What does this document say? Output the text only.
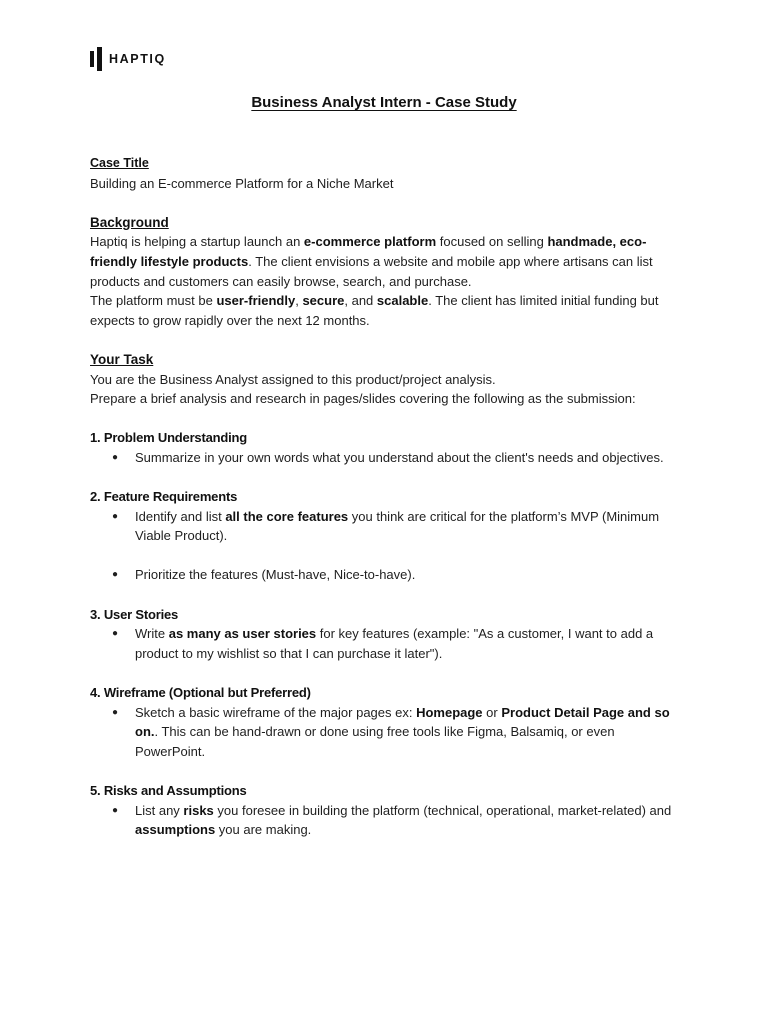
HAPTIQ
Business Analyst Intern - Case Study
Case Title

Building an E-commerce Platform for a Niche Market

Background

Haptiq is helping a startup launch an e-commerce platform focused on selling handmade, eco-friendly lifestyle products. The client envisions a website and mobile app where artisans can list products and customers can easily browse, search, and purchase.

The platform must be user-friendly, secure, and scalable. The client has limited initial funding but expects to grow rapidly over the next 12 months.

Your Task

You are the Business Analyst assigned to this product/project analysis.

Prepare a brief analysis and research in pages/slides covering the following as the submission:

1. Problem Understanding
● Summarize in your own words what you understand about the client's needs and objectives.
2. Feature Requirements
● Identify and list all the core features you think are critical for the platform’s MVP (Minimum Viable Product).
● Prioritize the features (Must-have, Nice-to-have).
3. User Stories
● Write as many as user stories for key features (example: "As a customer, I want to add a product to my wishlist so that I can purchase it later").
4. Wireframe (Optional but Preferred)
● Sketch a basic wireframe of the major pages ex: Homepage or Product Detail Page and so on.. This can be hand-drawn or done using free tools like Figma, Balsamiq, or even PowerPoint.
5. Risks and Assumptions
● List any risks you foresee in building the platform (technical, operational, market-related) and assumptions you are making.
